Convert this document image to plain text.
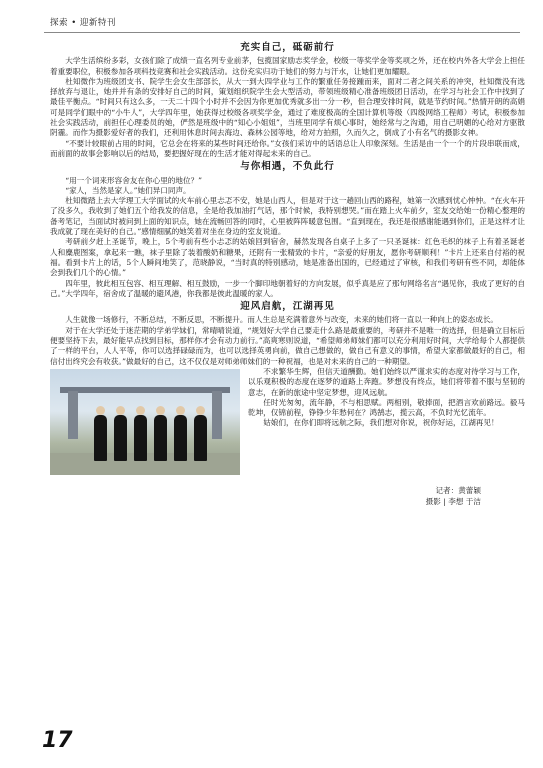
探索 • 迎新特刊
充实自己，砥砺前行

大学生活缤纷多彩，女孩们除了成绩一直名列专业前茅，包揽国家励志奖学金，校级一等奖学金等奖项之外，还在校内外各大学会上担任着重要职位，积极参加各项科技竞赛和社会实践活动。这份充实归功于她们的努力与汗水，让她们更加耀眼。

杜知微作为班级团支书、院学生会女生部部长，从大一到大四学业与工作的繁重任务接踵而来，面对二者之间关系的冲突，杜知微没有选择放弃与退让，她并并有条的安排好自己的时间，策划组织院学生会大型活动，带领班级精心准备班级团日活动，在学习与社会工作中找到了最佳平衡点。“时间只有这么多，一天二十四个小时并不会因为你更加优秀就多出一分一秒，但合理安排时间，就是节约时间。”热情开朗的高娟可是同学们眼中的“小牛人”，大学四年里，她获得过校级各项奖学金，通过了难度极高的全国计算机等级（四级网络工程师）考试，积极参加社会实践活动，前担任心理委员的她，俨然是班级中的“知心小姐姐”，当班里同学有烦心事时，她经常与之沟通，用自己明媚的心给对方驱散阴霾。而作为摄影爱好者的我们，还利用休息时间去海边、森林公园等地，给对方拍照，久而久之，倒成了小有名气的摄影女神。

“不要计较眼前占用的时间，它总会在将来的某些时间还给你。”女孩们采访中的话语总让人印象深刻。生活是由一个一个的片段串联而成，而前面的故事会影响以后的结局，要把握好现在的生活才能对得起未来的自己。

与你相遇，不负此行

“用一个词来形容舍友在你心里的地位？”

“家人，当然是家人。”她们异口同声。

杜知微踏上去大学理工大学面试的火车前心里忐忑不安，她是山西人，但是对于这一趟回山西的路程，她第一次感到忧心忡忡。“在火车开了没多久，我收到了她们五个给我发的信息，全是给我加油打气话，那个时候，我特别想哭。”而在踏上火车前夕，室友交给她一份精心整理的备考笔记，当面试时被问到上面的知识点，她在流畅回答的同时，心里被阵阵暖意包围。“直到现在，我还是很感谢能遇到你们，正是这样才让我成就了现在美好的自己。”感情细腻的她笑着对坐在身边的室友说道。

考研前夕赶上圣诞节，晚上，5个考前有些小忐忑的姑娘回到宿舍，赫然发现各自桌子上多了一只圣诞袜：红色毛织的袜子上有着圣诞老人和麋鹿图案，拿起来一瞧，袜子里除了装着酸奶和糖果，还附有一张精致的卡片，“亲爱的好朋友，愿你考研顺利！”卡片上还来自付裕的祝福。看到卡片上的话，5个人瞬间地笑了，范晓静说，“当时真的特别感动，她是准备出国的，已经通过了审核，和我们考研有些不同，却能体会到我们几个的心情。”

四年里，彼此相互包容、相互理解、相互鼓励，一步一个脚印地朝着好的方向发展，似乎真是应了那句网络名言“遇见你，我成了更好的自己。”大学四年，宿舍成了温暖的避风港，你我都是彼此温暖的家人。

迎风启航，江湖再见

人生就像一场修行，不断总结，不断反思，不断提升。而人生总是充满着意外与改变，未来的她们将一直以一种向上的姿态成长。

对于在大学还处于迷茫期的学弟学妹们，常晴晴说道，“规划好大学自己要走什么路是最重要的，考研并不是唯一的选择，但是确立目标后便要坚持下去，最好能早点找到目标，那样你才会有动力前行。”高爽寒则说道，“希望师弟师妹们都可以充分利用好时间，大学给每个人都提供了一样的平台，人人平等，你可以选择碌碌而为，也可以选择英勇向前，做自己想做的，做自己有意义的事情，希望大家都做最好的自己，相信付出终究会有收获。”做最好的自己，这不仅仅是对师弟师妹们的一种祝福，也是对未来的自己的一种期望。

不求繁华生辉，但信天道酬勤。她们始终以严谨求实的态度对待学习与工作，以乐观积极的态度在逐梦的道路上奔跑。梦想没有终点，她们将带着不服与坚韧的意志，在新的旅途中坚定梦想，迎风远航。

任时光匆匆，流年静，不与相思赋。两相别，敬捧面，把酒言欢前路远。毅马乾坤，仅锦前程，铮铮少年愁何在？鸿鹄志，揽云高，不负时光忆流年。

姑娘们，在你们即将远航之际，我们想对你说，祝你好运，江湖再见！

记者：黄蕾颖
摄影 | 李想 于洁
17
